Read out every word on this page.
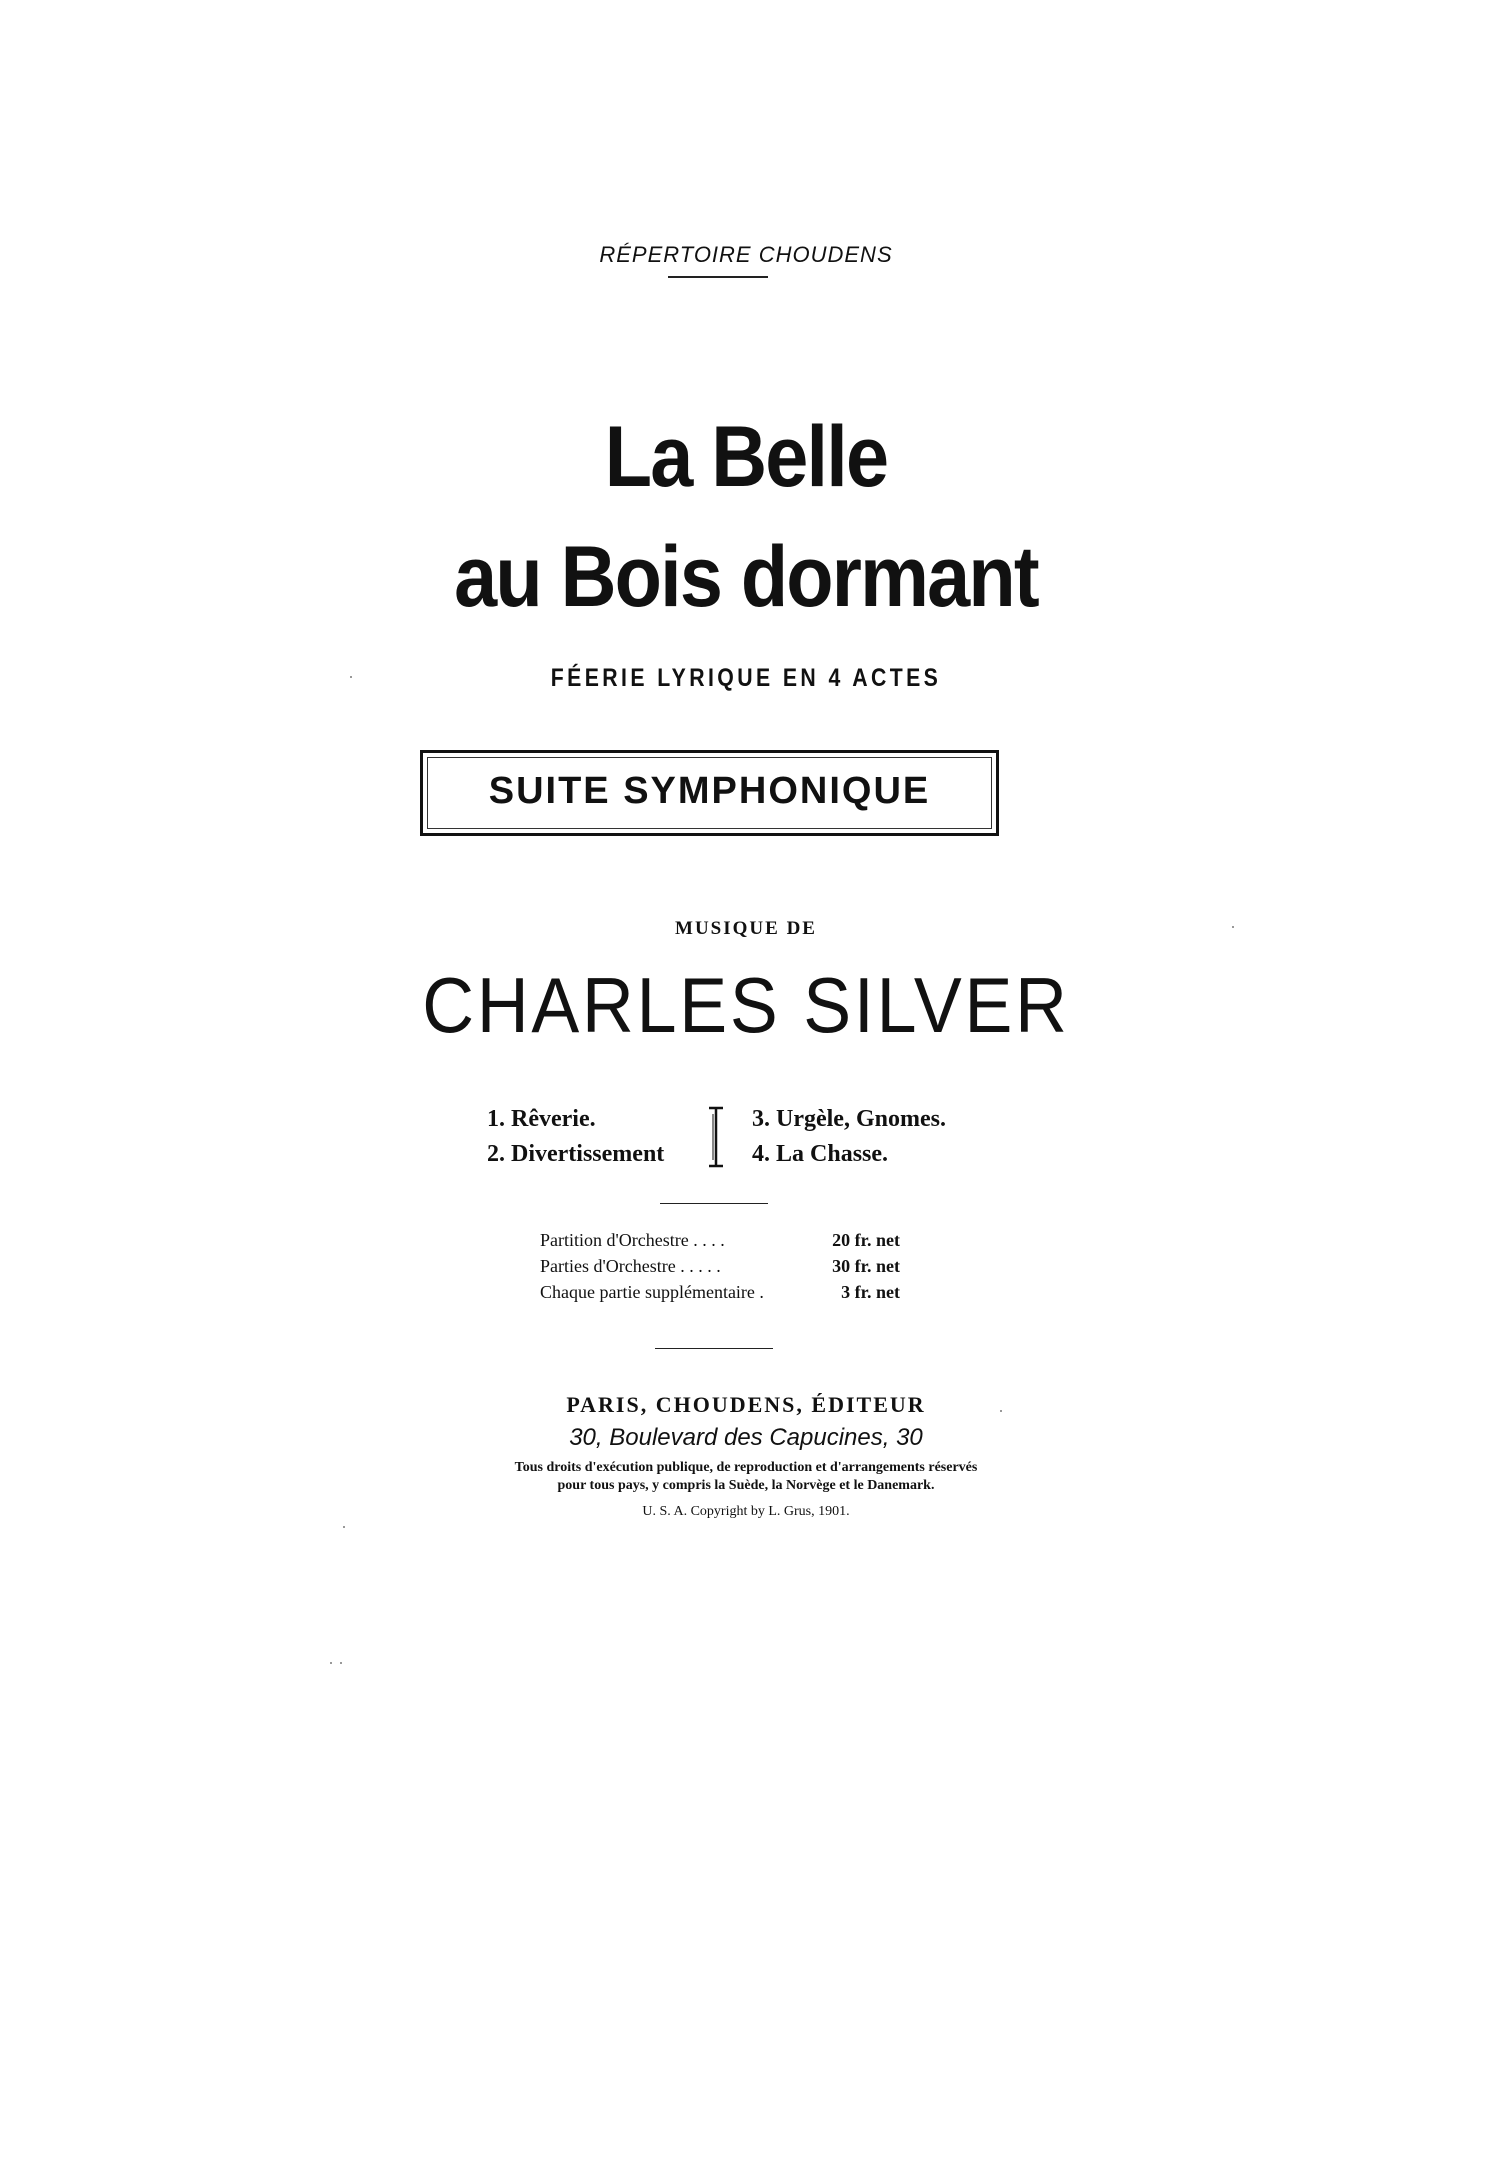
RÉPERTOIRE CHOUDENS
La Belle
au Bois dormant
FÉERIE LYRIQUE EN 4 ACTES
SUITE SYMPHONIQUE
MUSIQUE DE
CHARLES SILVER
1. Rêverie.
2. Divertissement
3. Urgèle, Gnomes.
4. La Chasse.
Partition d'Orchestre . . . .	20 fr. net
Parties d'Orchestre . . . . .	30 fr. net
Chaque partie supplémentaire .	3 fr. net
PARIS, CHOUDENS, ÉDITEUR
30, Boulevard des Capucines, 30
Tous droits d'exécution publique, de reproduction et d'arrangements réservés
pour tous pays, y compris la Suède, la Norvège et le Danemark.
U. S. A. Copyright by L. Grus, 1901.
